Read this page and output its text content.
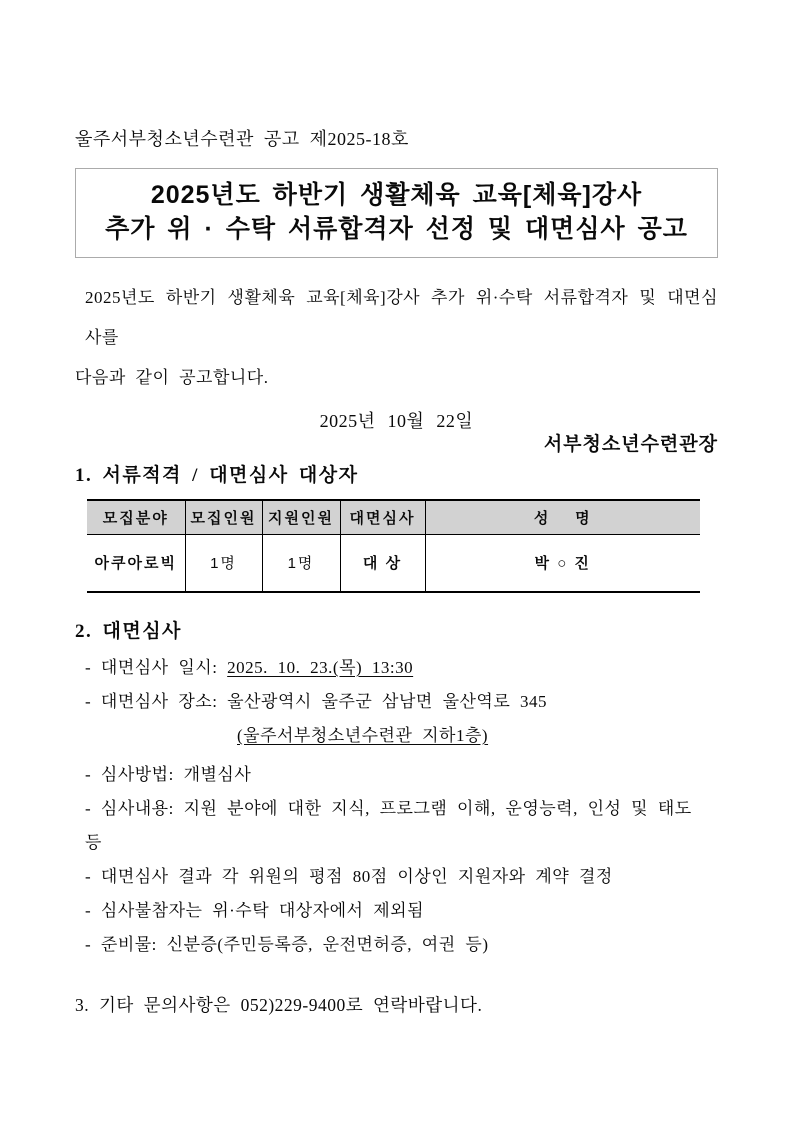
울주서부청소년수련관 공고 제2025-18호
2025년도 하반기 생활체육 교육[체육]강사
추가 위 · 수탁 서류합격자 선정 및 대면심사 공고
2025년도 하반기 생활체육 교육[체육]강사 추가 위·수탁 서류합격자 및 대면심사를
다음과 같이 공고합니다.
2025년 10월 22일
서부청소년수련관장
1. 서류적격 / 대면심사 대상자
모집분야	모집인원	지원인원	대면심사	성    명
아쿠아로빅	1명	1명	대 상	박 ○ 진
2. 대면심사
- 대면심사 일시: 2025. 10. 23.(목) 13:30
- 대면심사 장소: 울산광역시 울주군 삼남면 울산역로 345
(울주서부청소년수련관 지하1층)
- 심사방법: 개별심사
- 심사내용: 지원 분야에 대한 지식, 프로그램 이해, 운영능력, 인성 및 태도 등
- 대면심사 결과 각 위원의 평점 80점 이상인 지원자와 계약 결정
- 심사불참자는 위·수탁 대상자에서 제외됨
- 준비물: 신분증(주민등록증, 운전면허증, 여권 등)
3. 기타 문의사항은 052)229-9400로 연락바랍니다.
